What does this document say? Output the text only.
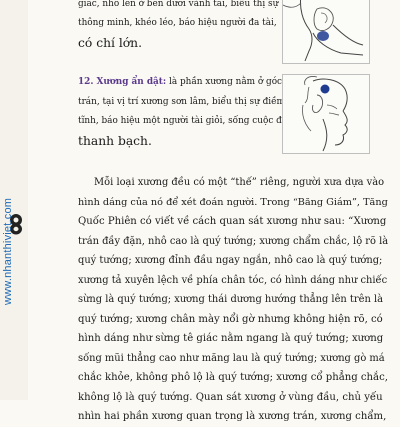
www.nhanthiviet.com
giác, nhô lên ở bên dưới vành tai, biểu thị sự
thông minh, khéo léo, báo hiệu người đa tài,
có chí lớn.
12. Xương ẩn dật: là phần xương nằm ở góc
trán, tại vị trí xương sơn lâm, biểu thị sự điềm
tĩnh, báo hiệu một người tài giỏi, sống cuộc đời
thanh bạch.
Mỗi loại xương đều có một “thế” riêng, người xưa dựa vào
hình dáng của nó để xét đoán người. Trong “Băng Giám”, Tăng
Quốc Phiên có viết về cách quan sát xương như sau: “Xương
trán đầy đặn, nhô cao là quý tướng; xương chẩm chắc, lộ rõ là
quý tướng; xương đỉnh đầu ngay ngắn, nhô cao là quý tướng;
xương tả xuyên lệch về phía chân tóc, có hình dáng như chiếc
sừng là quý tướng; xương thái dương hướng thẳng lên trên là
quý tướng; xương chân mày nổi gờ nhưng không hiện rõ, có
hình dáng như sừng tê giác nằm ngang là quý tướng; xương
sống mũi thẳng cao như măng lau là quý tướng; xương gò má
chắc khỏe, không phô lộ là quý tướng; xương cổ phẳng chắc,
không lộ là quý tướng. Quan sát xương ở vùng đầu, chủ yếu
nhìn hai phần xương quan trọng là xương trán, xương chẩm,
